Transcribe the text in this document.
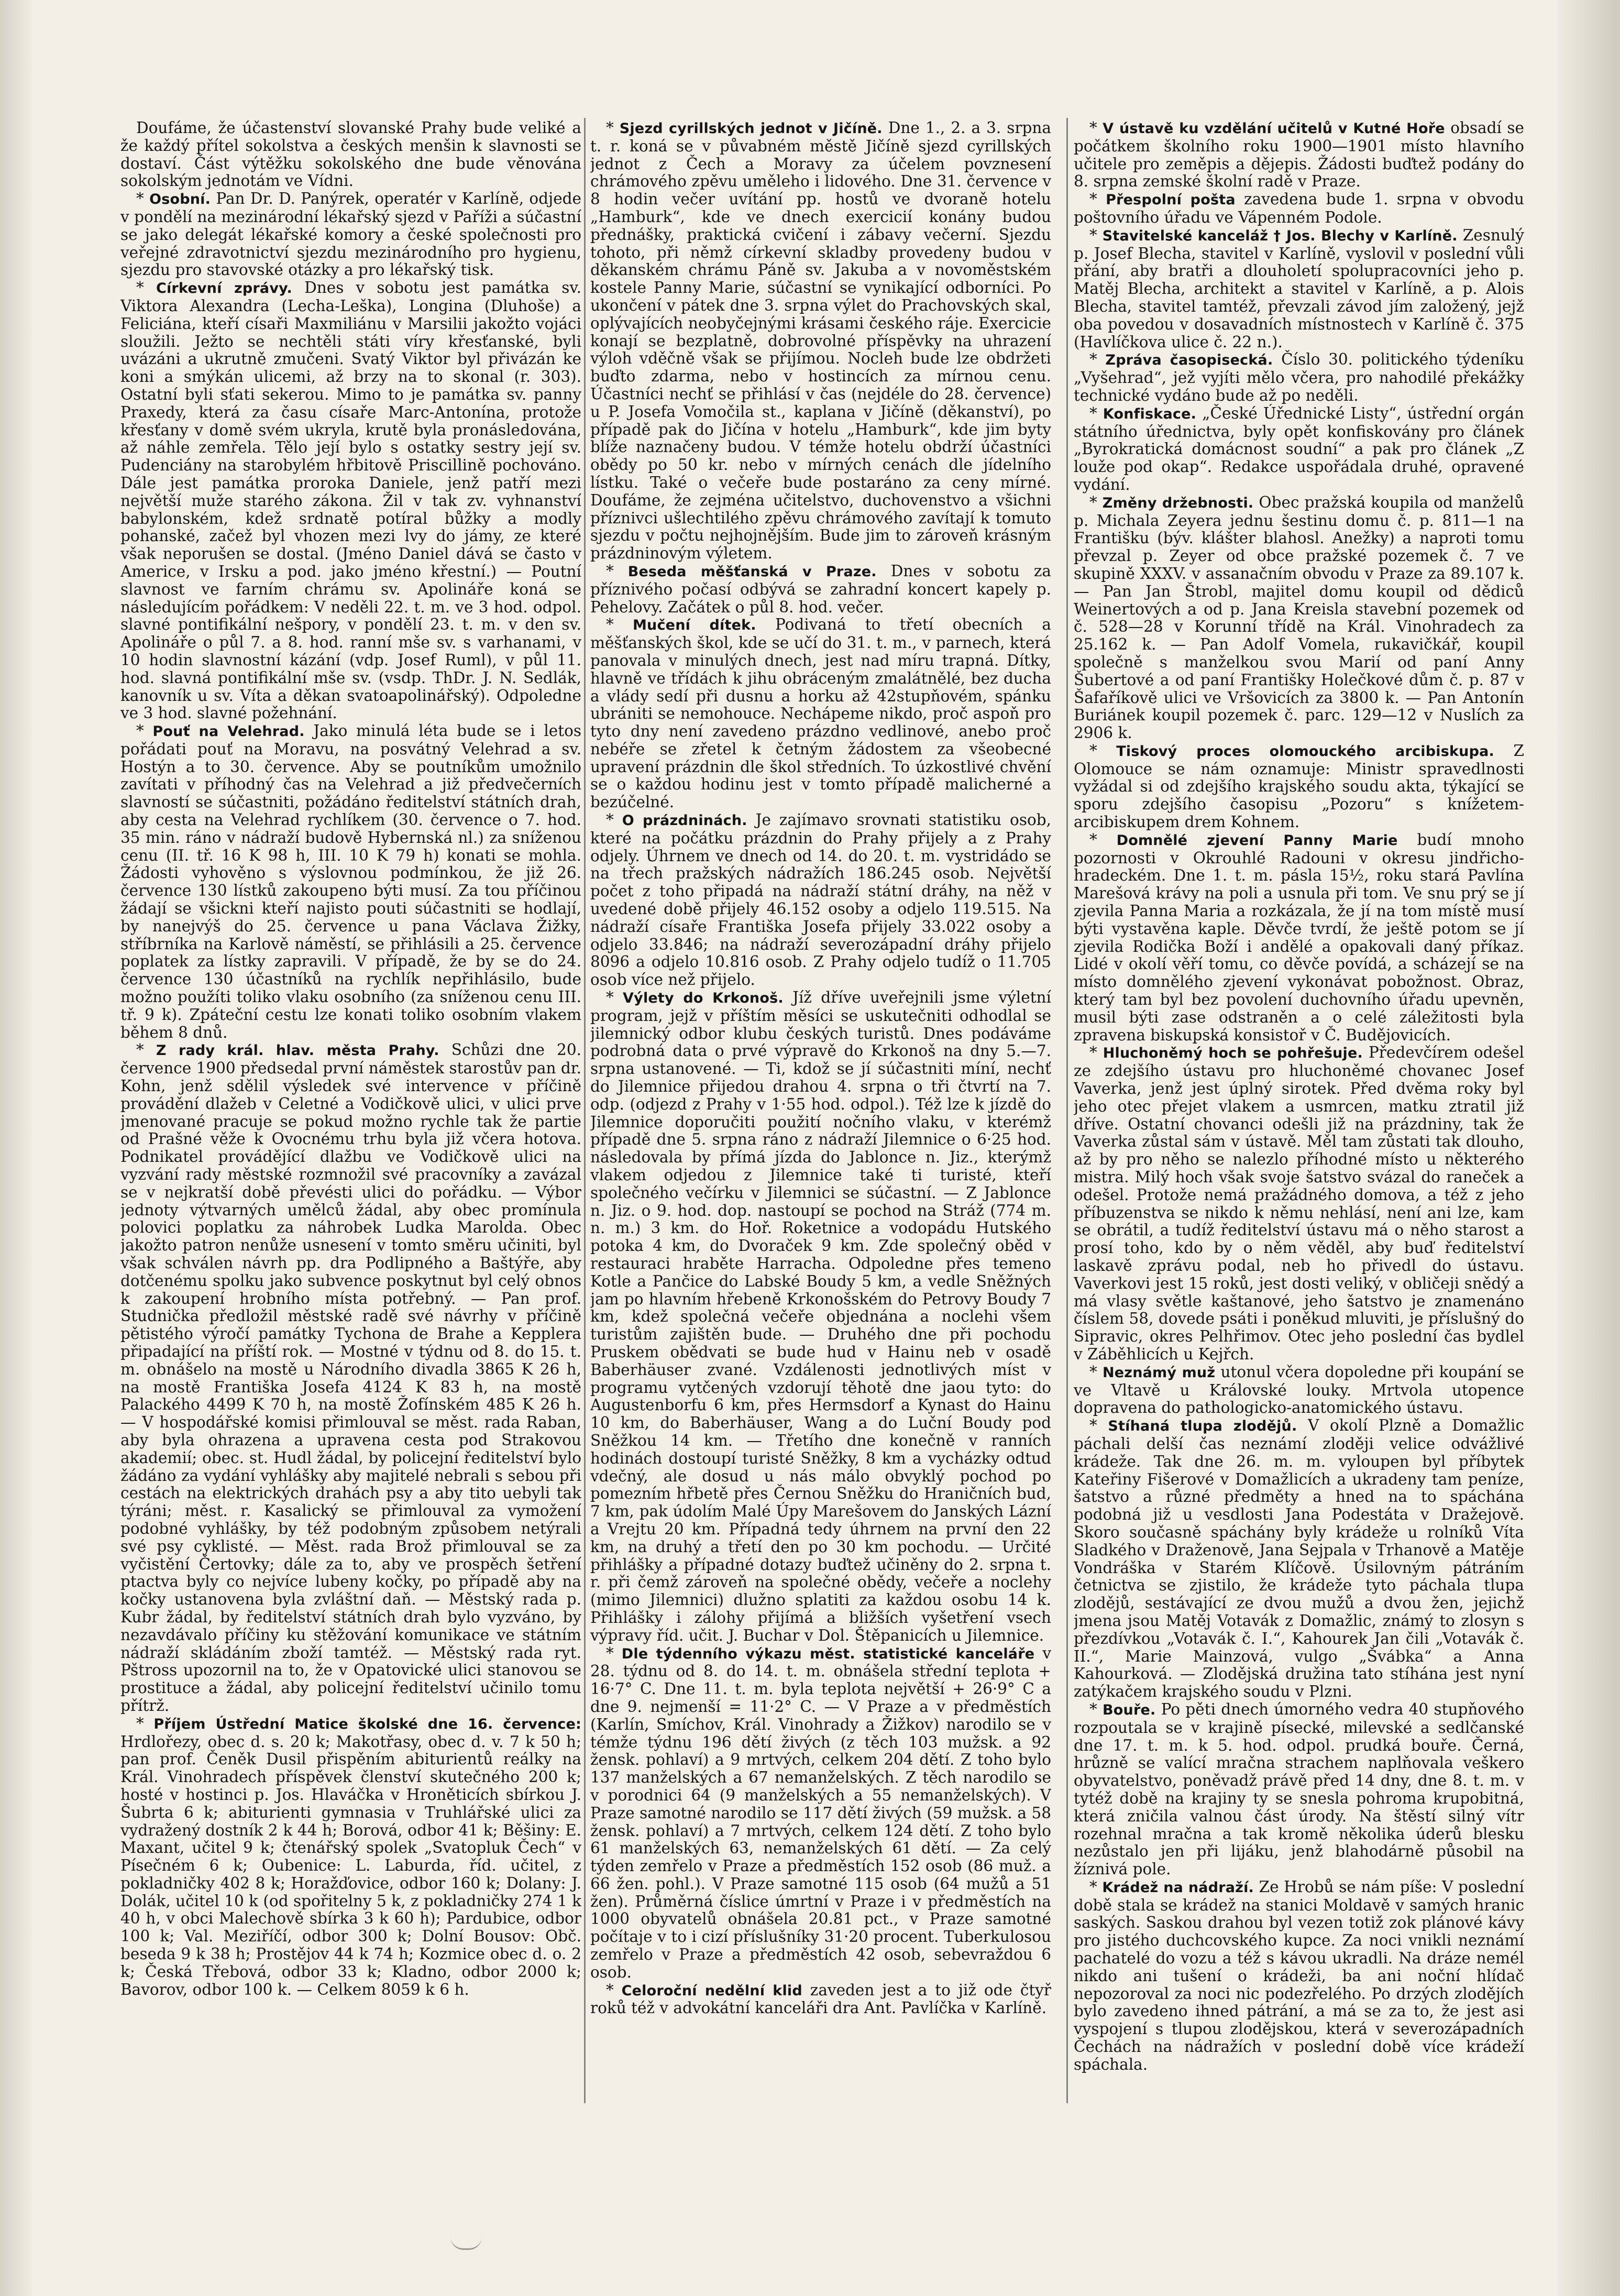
Doufáme, že účastenství slovanské Prahy bude veliké a že každý přítel sokolstva a českých menšin k slavnosti se dostaví. Část výtěžku sokolského dne bude věnována sokolským jednotám ve Vídni.

* Osobní. Pan Dr. D. Panýrek, operatér v Karlíně, odjede v pondělí na mezinárodní lékařský sjezd v Paříži a súčastní se jako delegát lékařské komory a české společnosti pro veřejné zdravotnictví sjezdu mezinárodního pro hygienu, sjezdu pro stavovské otázky a pro lékařský tisk.

* Církevní zprávy. Dnes v sobotu jest památka sv. Viktora Alexandra (Lecha-Leška), Longina (Dluhoše) a Feliciána, kteří císaři Maxmiliánu v Marsilii jakožto vojáci sloužili. Ježto se nechtěli státi víry křesťanské, byli uvázáni a ukrutně zmučeni. Svatý Viktor byl přivázán ke koni a smýkán ulicemi, až brzy na to skonal (r. 303). Ostatní byli sťati sekerou. Mimo to je památka sv. panny Praxedy, která za času císaře Marc-Antonína, protože křesťany v domě svém ukryla, krutě byla pronásledována, až náhle zemřela. Tělo její bylo s ostatky sestry její sv. Pudenciány na starobylém hřbitově Priscillině pochováno. Dále jest památka proroka Daniele, jenž patří mezi největší muže starého zákona. Žil v tak zv. vyhnanství babylonském, kdež srdnatě potíral bůžky a modly pohanské, začež byl vhozen mezi lvy do jámy, ze které však neporušen se dostal. (Jméno Daniel dává se často v Americe, v Irsku a pod. jako jméno křestní.) — Poutní slavnost ve farním chrámu sv. Apolináře koná se následujícím pořádkem: V neděli 22. t. m. ve 3 hod. odpol. slavné pontifikální nešpory, v pondělí 23. t. m. v den sv. Apolináře o půl 7. a 8. hod. ranní mše sv. s varhanami, v 10 hodin slavnostní kázání (vdp. Josef Ruml), v půl 11. hod. slavná pontifikální mše sv. (vsdp. ThDr. J. N. Sedlák, kanovník u sv. Víta a děkan svatoapolinářský). Odpoledne ve 3 hod. slavné požehnání.

* Pouť na Velehrad. Jako minulá léta bude se i letos pořádati pouť na Moravu, na posvátný Velehrad a sv. Hostýn a to 30. července. Aby se poutníkům umožnilo zavítati v příhodný čas na Velehrad a již předvečerních slavností se súčastniti, požádáno ředitelství státních drah, aby cesta na Velehrad rychlíkem (30. července o 7. hod. 35 min. ráno v nádraží budově Hybernská nl.) za sníženou cenu (II. tř. 16 K 98 h, III. 10 K 79 h) konati se mohla. Žádosti vyhověno s výslovnou podmínkou, že již 26. července 130 lístků zakoupeno býti musí. Za tou příčinou žádají se všickni kteří najisto pouti súčastniti se hodlají, by nanejvýš do 25. července u pana Václava Žižky, stříbrníka na Karlově náměstí, se přihlásili a 25. července poplatek za lístky zapravili. V případě, že by se do 24. července 130 účastníků na rychlík nepřihlásilo, bude možno použíti toliko vlaku osobního (za sníženou cenu III. tř. 9 k). Zpáteční cestu lze konati toliko osobním vlakem během 8 dnů.

* Z rady král. hlav. města Prahy. Schůzi dne 20. července 1900 předsedal první náměstek starostův pan dr. Kohn, jenž sdělil výsledek své intervence v příčině provádění dlažeb v Celetné a Vodičkově ulici, v ulici prve jmenované pracuje se pokud možno rychle tak že partie od Prašné věže k Ovocnému trhu byla již včera hotova. Podnikatel provádějící dlažbu ve Vodičkově ulici na vyzvání rady městské rozmnožil své pracovníky a zavázal se v nejkratší době převésti ulici do pořádku. — Výbor jednoty výtvarných umělců žádal, aby obec promínula polovici poplatku za náhrobek Ludka Marolda. Obec jakožto patron nenůže usnesení v tomto směru učiniti, byl však schválen návrh pp. dra Podlipného a Baštýře, aby dotčenému spolku jako subvence poskytnut byl celý obnos k zakoupení hrobního místa potřebný. — Pan prof. Studnička předložil městské radě své návrhy v příčině pětistého výročí památky Tychona de Brahe a Kepplera připadající na příští rok. — Mostné v týdnu od 8. do 15. t. m. obnášelo na mostě u Národního divadla 3865 K 26 h, na mostě Františka Josefa 4124 K 83 h, na mostě Palackého 4499 K 70 h, na mostě Žofínském 485 K 26 h. — V hospodářské komisi přimlouval se měst. rada Raban, aby byla ohrazena a upravena cesta pod Strakovou akademií; obec. st. Hudl žádal, by policejní ředitelství bylo žádáno za vydání vyhlášky aby majitelé nebrali s sebou při cestách na elektrických drahách psy a aby tito uebyli tak týráni; měst. r. Kasalický se přimlouval za vymožení podobné vyhlášky, by též podobným způsobem netýrali své psy cyklisté. — Měst. rada Brož přimlouval se za vyčistění Čertovky; dále za to, aby ve prospěch šetření ptactva byly co nejvíce lubeny kočky, po případě aby na kočky ustanovena byla zvláštní daň. — Městský rada p. Kubr žádal, by ředitelství státních drah bylo vyzváno, by nezavdávalo příčiny ku stěžování komunikace ve státním nádraží skládáním zboží tamtéž. — Městský rada ryt. Pštross upozornil na to, že v Opatovické ulici stanovou se prostituce a žádal, aby policejní ředitelství učinilo tomu přítrž.

* Příjem Ústřední Matice školské dne 16. července: Hrdlořezy, obec d. s. 20 k; Makotřasy, obec d. v. 7 k 50 h; pan prof. Čeněk Dusil přispěním abiturientů reálky na Král. Vinohradech příspěvek členství skutečného 200 k; hosté v hostinci p. Jos. Hlaváčka v Hroněticích sbírkou J. Šubrta 6 k; abiturienti gymnasia v Truhlářské ulici za vydražený dostník 2 k 44 h; Borová, odbor 41 k; Běšiny: E. Maxant, učitel 9 k; čtenářský spolek „Svatopluk Čech“ v Písečném 6 k; Oubenice: L. Laburda, říd. učitel, z pokladničky 402 8 k; Horažďovice, odbor 160 k; Dolany: J. Dolák, učitel 10 k (od spořitelny 5 k, z pokladničky 274 1 k 40 h, v obci Malechově sbírka 3 k 60 h); Pardubice, odbor 100 k; Val. Meziříčí, odbor 300 k; Dolní Bousov: Obč. beseda 9 k 38 h; Prostějov 44 k 74 h; Kozmice obec d. o. 2 k; Česká Třebová, odbor 33 k; Kladno, odbor 2000 k; Bavorov, odbor 100 k. — Celkem 8059 k 6 h.

* Sjezd cyrillských jednot v Jičíně. Dne 1., 2. a 3. srpna t. r. koná se v půvabném městě Jičíně sjezd cyrillských jednot z Čech a Moravy za účelem povznesení chrámového zpěvu uměleho i lidového. Dne 31. července v 8 hodin večer uvítání pp. hostů ve dvoraně hotelu „Hamburk“, kde ve dnech exercicií konány budou přednášky, praktická cvičení i zábavy večerní. Sjezdu tohoto, při němž církevní skladby provedeny budou v děkanském chrámu Páně sv. Jakuba a v novoměstském kostele Panny Marie, súčastní se vynikající odborníci. Po ukončení v pátek dne 3. srpna výlet do Prachovských skal, oplývajících neobyčejnými krásami českého ráje. Exercicie konají se bezplatně, dobrovolné příspěvky na uhrazení výloh vděčně však se přijímou. Nocleh bude lze obdržeti buďto zdarma, nebo v hostincích za mírnou cenu. Účastníci nechť se přihlásí v čas (nejdéle do 28. července) u P. Josefa Vomočila st., kaplana v Jičíně (děkanství), po případě pak do Jičína v hotelu „Hamburk“, kde jim byty blíže naznačeny budou. V témže hotelu obdrží účastníci obědy po 50 kr. nebo v mírných cenách dle jídelního lístku. Také o večeře bude postaráno za ceny mírné. Doufáme, že zejména učitelstvo, duchovenstvo a všichni příznivci ušlechtilého zpěvu chrámového zavítají k tomuto sjezdu v počtu nejhojnějším. Bude jim to zároveň krásným prázdninovým výletem.

* Beseda měšťanská v Praze. Dnes v sobotu za příznivého počasí odbývá se zahradní koncert kapely p. Pehelovy. Začátek o půl 8. hod. večer.

* Mučení dítek. Podivaná to třetí obecních a měšťanských škol, kde se učí do 31. t. m., v parnech, která panovala v minulých dnech, jest nad míru trapná. Dítky, hlavně ve třídách k jihu obráceným zmalátnělé, bez ducha a vlády sedí při dusnu a horku až 42stupňovém, spánku ubrániti se nemohouce. Nechápeme nikdo, proč aspoň pro tyto dny není zavedeno prázdno vedlinové, anebo proč nebéře se zřetel k četným žádostem za všeobecné upravení prázdnin dle škol středních. To úzkostlivé chvění se o každou hodinu jest v tomto případě malicherné a bezúčelné.

* O prázdninách. Je zajímavo srovnati statistiku osob, které na počátku prázdnin do Prahy přijely a z Prahy odjely. Úhrnem ve dnech od 14. do 20. t. m. vystridádo se na třech pražských nádražích 186.245 osob. Největší počet z toho připadá na nádraží státní dráhy, na něž v uvedené době přijely 46.152 osoby a odjelo 119.515. Na nádraží císaře Františka Josefa přijely 33.022 osoby a odjelo 33.846; na nádraží severozápadní dráhy přijelo 8096 a odjelo 10.816 osob. Z Prahy odjelo tudíž o 11.705 osob více než přijelo.

* Výlety do Krkonoš. Jíž dříve uveřejnili jsme výletní program, jejž v příštím měsíci se uskutečniti odhodlal se jilemnický odbor klubu českých turistů. Dnes podáváme podrobná data o prvé výpravě do Krkonoš na dny 5.—7. srpna ustanovené. — Ti, kdož se jí súčastniti míní, nechť do Jilemnice přijedou drahou 4. srpna o tři čtvrtí na 7. odp. (odjezd z Prahy v 1·55 hod. odpol.). Též lze k jízdě do Jilemnice doporučiti použití nočního vlaku, v kterémž případě dne 5. srpna ráno z nádraží Jilemnice o 6·25 hod. následovala by přímá jízda do Jablonce n. Jiz., kterýmž vlakem odjedou z Jilemnice také ti turisté, kteří společného večírku v Jilemnici se súčastní. — Z Jablonce n. Jiz. o 9. hod. dop. nastoupí se pochod na Stráž (774 m. n. m.) 3 km. do Hoř. Roketnice a vodopádu Hutského potoka 4 km, do Dvoraček 9 km. Zde společný oběd v restauraci hraběte Harracha. Odpoledne přes temeno Kotle a Pančice do Labské Boudy 5 km, a vedle Sněžných jam po hlavním hřebeně Krkonošském do Petrovy Boudy 7 km, kdež společná večeře objednána a noclehi všem turistům zajištěn bude. — Druhého dne při pochodu Pruskem obědvati se bude hud v Hainu neb v osadě Baberhäuser zvané. Vzdálenosti jednotlivých míst v programu vytčených vzdorují těhotě dne jaou tyto: do Augustenborfu 6 km, přes Hermsdorf a Kynast do Hainu 10 km, do Baberhäuser, Wang a do Luční Boudy pod Sněžkou 14 km. — Třetího dne konečně v ranních hodinách dostoupí turisté Sněžky, 8 km a vycházky odtud vdečný, ale dosud u nás málo obvyklý pochod po pomezním hřbetě přes Černou Sněžku do Hraničních bud, 7 km, pak údolím Malé Úpy Marešovem do Janských Lázní a Vrejtu 20 km. Případná tedy úhrnem na první den 22 km, na druhý a třetí den po 30 km pochodu. — Určité přihlášky a případné dotazy buďtež učiněny do 2. srpna t. r. při čemž zároveň na společné obědy, večeře a noclehy (mimo Jilemnici) dlužno splatiti za každou osobu 14 k. Přihlášky i zálohy přijímá a bližších vyšetření vsech výpravy říd. učit. J. Buchar v Dol. Štěpanicích u Jilemnice.

* Dle týdenního výkazu měst. statistické kanceláře v 28. týdnu od 8. do 14. t. m. obnášela střední teplota + 16·7° C. Dne 11. t. m. byla teplota největší + 26·9° C a dne 9. nejmenší = 11·2° C. — V Praze a v předměstích (Karlín, Smíchov, Král. Vinohrady a Žižkov) narodilo se v témže týdnu 196 dětí živých (z těch 103 mužsk. a 92 žensk. pohlaví) a 9 mrtvých, celkem 204 dětí. Z toho bylo 137 manželských a 67 nemanželských. Z těch narodilo se v porodnici 64 (9 manželských a 55 nemanželských). V Praze samotné narodilo se 117 dětí živých (59 mužsk. a 58 žensk. pohlaví) a 7 mrtvých, celkem 124 dětí. Z toho bylo 61 manželských 63, nemanželských 61 dětí. — Za celý týden zemřelo v Praze a předměstích 152 osob (86 muž. a 66 žen. pohl.). V Praze samotné 115 osob (64 mužů a 51 žen). Průměrná číslice úmrtní v Praze i v předměstích na 1000 obyvatelů obnášela 20.81 pct., v Praze samotné počítaje v to i cizí příslušníky 31·20 procent. Tuberkulosou zemřelo v Praze a předměstích 42 osob, sebevraždou 6 osob.

* Celoroční nedělní klid zaveden jest a to již ode čtyř roků též v advokátní kanceláři dra Ant. Pavlíčka v Karlíně.

* V ústavě ku vzdělání učitelů v Kutné Hoře obsadí se počátkem školního roku 1900—1901 místo hlavního učitele pro zeměpis a dějepis. Žádosti buďtež podány do 8. srpna zemské školní radě v Praze.

* Přespolní pošta zavedena bude 1. srpna v obvodu poštovního úřadu ve Vápenném Podole.

* Stavitelské kanceláž † Jos. Blechy v Karlíně. Zesnulý p. Josef Blecha, stavitel v Karlíně, vyslovil v poslední vůli přání, aby bratři a dlouholetí spolupracovníci jeho p. Matěj Blecha, architekt a stavitel v Karlíně, a p. Alois Blecha, stavitel tamtéž, převzali závod jím založený, jejž oba povedou v dosavadních místnostech v Karlíně č. 375 (Havlíčkova ulice č. 22 n.).

* Zpráva časopisecká. Číslo 30. politického týdeníku „Vyšehrad“, jež vyjíti mělo včera, pro nahodilé překážky technické vydáno bude až po neděli.

* Konfiskace. „České Úřednické Listy“, ústřední orgán státního úřednictva, byly opět konfiskovány pro článek „Byrokratická domácnost soudní“ a pak pro článek „Z louže pod okap“. Redakce uspořádala druhé, opravené vydání.

* Změny držebnosti. Obec pražská koupila od manželů p. Michala Zeyera jednu šestinu domu č. p. 811—1 na Františku (býv. klášter blahosl. Anežky) a naproti tomu převzal p. Zeyer od obce pražské pozemek č. 7 ve skupině XXXV. v assanačním obvodu v Praze za 89.107 k. — Pan Jan Štrobl, majitel domu koupil od dědiců Weinertových a od p. Jana Kreisla stavební pozemek od č. 528—28 v Korunní třídě na Král. Vinohradech za 25.162 k. — Pan Adolf Vomela, rukavičkář, koupil společně s manželkou svou Marií od paní Anny Šubertové a od paní Františky Holečkové dům č. p. 87 v Šafaříkově ulici ve Vršovicích za 3800 k. — Pan Antonín Buriánek koupil pozemek č. parc. 129—12 v Nuslích za 2906 k.

* Tiskový proces olomouckého arcibiskupa. Z Olomouce se nám oznamuje: Ministr spravedlnosti vyžádal si od zdejšího krajského soudu akta, týkající se sporu zdejšího časopisu „Pozoru“ s knížetem-arcibiskupem drem Kohnem.

* Domnělé zjevení Panny Marie budí mnoho pozornosti v Okrouhlé Radouni v okresu jindřicho-hradeckém. Dne 1. t. m. pásla 15½, roku stará Pavlína Marešová krávy na poli a usnula při tom. Ve snu prý se jí zjevila Panna Maria a rozkázala, že jí na tom místě musí býti vystavěna kaple. Děvče tvrdí, že ještě potom se jí zjevila Rodička Boží i andělé a opakovali daný příkaz. Lidé v okolí věří tomu, co děvče povídá, a scházejí se na místo domnělého zjevení vykonávat pobožnost. Obraz, který tam byl bez povolení duchovního úřadu upevněn, musil býti zase odstraněn a o celé záležitosti byla zpravena biskupská konsistoř v Č. Budějovicích.

* Hluchoněmý hoch se pohřešuje. Předevčírem odešel ze zdejšího ústavu pro hluchoněmé chovanec Josef Vaverka, jenž jest úplný sirotek. Před dvěma roky byl jeho otec přejet vlakem a usmrcen, matku ztratil již dříve. Ostatní chovanci odešli již na prázdniny, tak že Vaverka zůstal sám v ústavě. Měl tam zůstati tak dlouho, až by pro něho se nalezlo příhodné místo u některého mistra. Milý hoch však svoje šatstvo svázal do raneček a odešel. Protože nemá pražádného domova, a též z jeho příbuzenstva se nikdo k němu nehlásí, není ani lze, kam se obrátil, a tudíž ředitelství ústavu má o něho starost a prosí toho, kdo by o něm věděl, aby buď ředitelství laskavě zprávu podal, neb ho přivedl do ústavu. Vaverkovi jest 15 roků, jest dosti veliký, v obličeji snědý a má vlasy světle kaštanové, jeho šatstvo je znamenáno číslem 58, dovede psáti i poněkud mluviti, je příslušný do Sipravic, okres Pelhřimov. Otec jeho poslední čas bydlel v Záběhlicích u Kejřch.

* Neznámý muž utonul včera dopoledne při koupání se ve Vltavě u Královské louky. Mrtvola utopence dopravena do pathologicko-anatomického ústavu.

* Stíhaná tlupa zlodějů. V okolí Plzně a Domažlic páchali delší čas neznámí zloději velice odvážlivé krádeže. Tak dne 26. m. m. vyloupen byl příbytek Kateřiny Fišerové v Domažlicích a ukradeny tam peníze, šatstvo a různé předměty a hned na to spáchána podobná již u vesdlosti Jana Podestáta v Dražejově. Skoro současně spáchány byly krádeže u rolníků Víta Sladkého v Draženově, Jana Sejpala v Trhanově a Matěje Vondráška v Starém Klíčově. Úsilovným pátráním četnictva se zjistilo, že krádeže tyto páchala tlupa zlodějů, sestávající ze dvou mužů a dvou žen, jejichž jmena jsou Matěj Votavák z Domažlic, známý to zlosyn s přezdívkou „Votavák č. I.“, Kahourek Jan čili „Votavák č. II.“, Marie Mainzová, vulgo „Švábka“ a Anna Kahourková. — Zlodějská družina tato stíhána jest nyní zatýkačem krajského soudu v Plzni.

* Bouře. Po pěti dnech úmorného vedra 40 stupňového rozpoutala se v krajině písecké, milevské a sedlčanské dne 17. t. m. k 5. hod. odpol. prudká bouře. Černá, hrůzně se valící mračna strachem naplňovala veškero obyvatelstvo, poněvadž právě před 14 dny, dne 8. t. m. v tytéž době na krajiny ty se snesla pohroma krupobitná, která zničila valnou část úrody. Na štěstí silný vítr rozehnal mračna a tak kromě několika úderů blesku nezůstalo jen při lijáku, jenž blahodárně působil na žíznivá pole.

* Krádež na nádraží. Ze Hrobů se nám píše: V poslední době stala se krádež na stanici Moldavě v samých hranic saských. Saskou drahou byl vezen totiž zok plánové kávy pro jistého duchcovského kupce. Za noci vnikli neznámí pachatelé do vozu a též s kávou ukradli. Na dráze nemél nikdo ani tušení o krádeži, ba ani noční hlídač nepozoroval za noci nic podezřelého. Po drzých zlodějích bylo zavedeno ihned pátrání, a má se za to, že jest asi vyspojení s tlupou zlodějskou, která v severozápadních Čechách na nádražích v poslední době více krádeží spáchala.
